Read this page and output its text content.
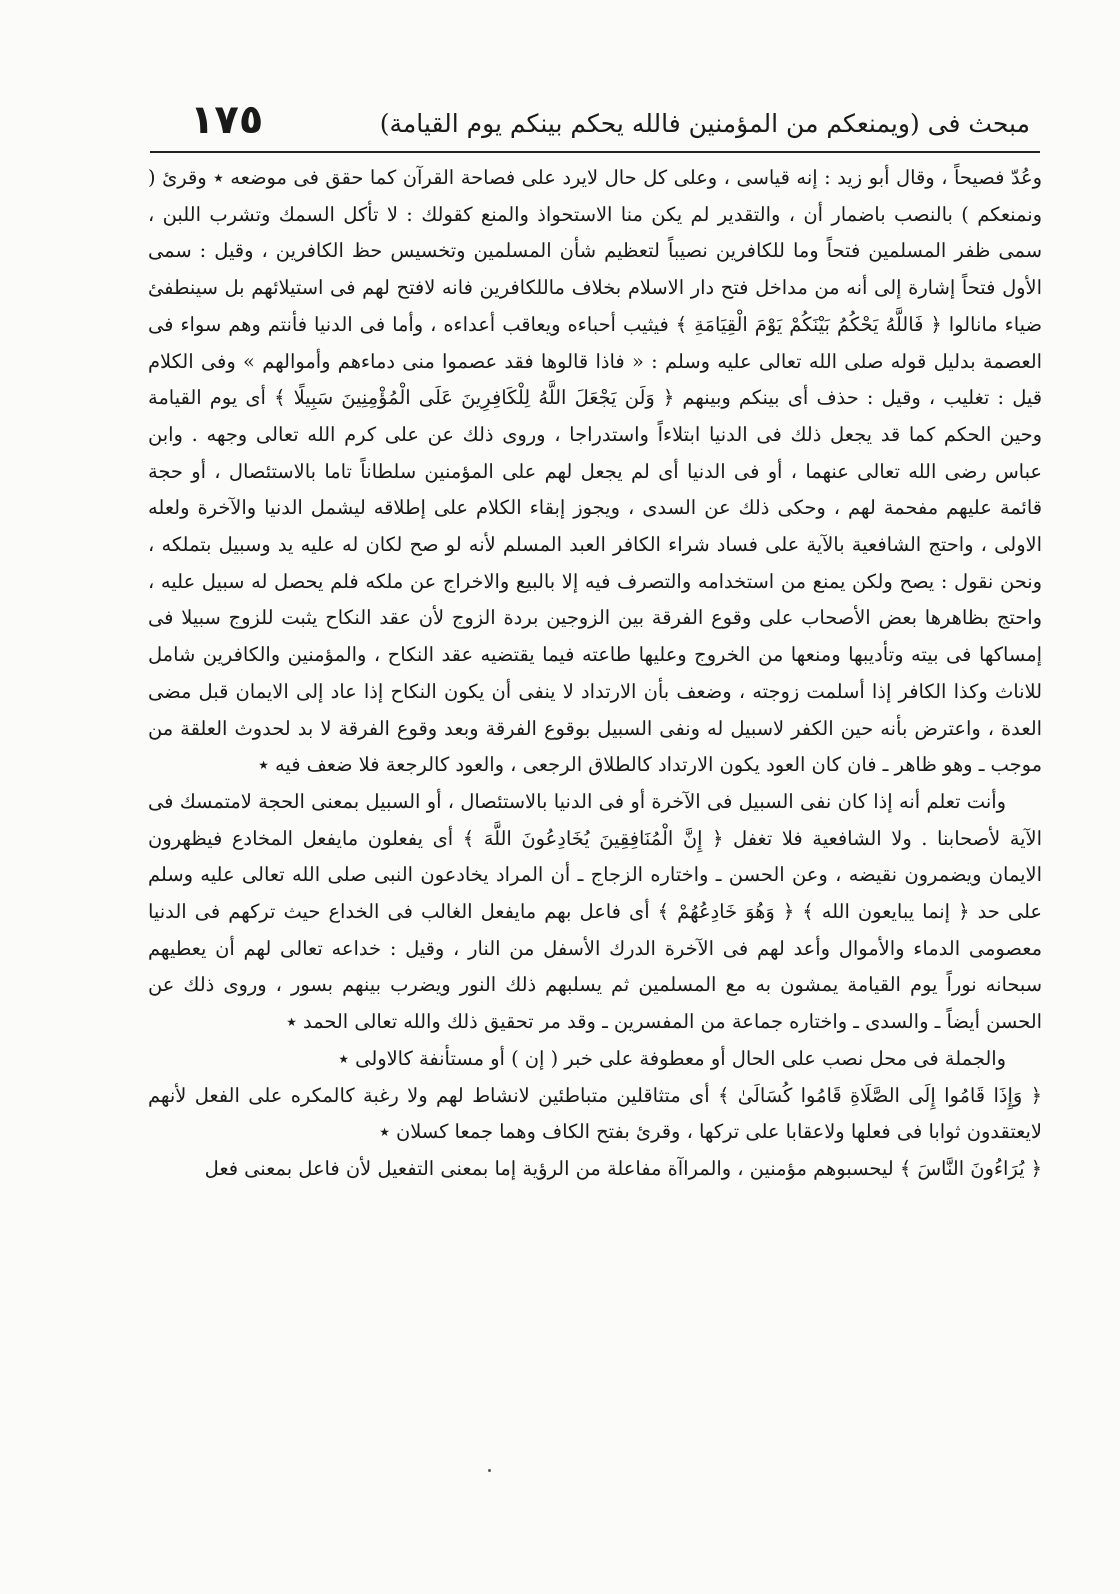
مبحث فى (ويمنعكم من المؤمنين فالله يحكم بينكم يوم القيامة)
١٧٥

وعُدّ فصيحاً ، وقال أبو زيد : إنه قياسى ، وعلى كل حال لايرد على فصاحة القرآن كما حقق فى موضعه ٭ وقرئ ( ونمنعكم ) بالنصب باضمار أن ، والتقدير لم يكن منا الاستحواذ والمنع كقولك : لا تأكل السمك وتشرب اللبن ، سمى ظفر المسلمين فتحاً وما للكافرين نصيباً لتعظيم شأن المسلمين وتخسيس حظ الكافرين ، وقيل : سمى الأول فتحاً إشارة إلى أنه من مداخل فتح دار الاسلام بخلاف ماللكافرين فانه لافتح لهم فى استيلائهم بل سينطفئ ضياء مانالوا ﴿ فَاللَّهُ يَحْكُمُ بَيْنَكُمْ يَوْمَ الْقِيَامَةِ ﴾ فيثيب أحباءه ويعاقب أعداءه ، وأما فى الدنيا فأنتم وهم سواء فى العصمة بدليل قوله صلى الله تعالى عليه وسلم : « فاذا قالوها فقد عصموا منى دماءهم وأموالهم » وفى الكلام قيل : تغليب ، وقيل : حذف أى بينكم وبينهم ﴿ وَلَن يَجْعَلَ اللَّهُ لِلْكَافِرِينَ عَلَى الْمُؤْمِنِينَ سَبِيلًا ﴾ أى يوم القيامة وحين الحكم كما قد يجعل ذلك فى الدنيا ابتلاءاً واستدراجا ، وروى ذلك عن على كرم الله تعالى وجهه . وابن عباس رضى الله تعالى عنهما ، أو فى الدنيا أى لم يجعل لهم على المؤمنين سلطاناً تاما بالاستئصال ، أو حجة قائمة عليهم مفحمة لهم ، وحكى ذلك عن السدى ، ويجوز إبقاء الكلام على إطلاقه ليشمل الدنيا والآخرة ولعله الاولى ، واحتج الشافعية بالآية على فساد شراء الكافر العبد المسلم لأنه لو صح لكان له عليه يد وسبيل بتملكه ، ونحن نقول : يصح ولكن يمنع من استخدامه والتصرف فيه إلا بالبيع والاخراج عن ملكه فلم يحصل له سبيل عليه ، واحتج بظاهرها بعض الأصحاب على وقوع الفرقة بين الزوجين بردة الزوج لأن عقد النكاح يثبت للزوج سبيلا فى إمساكها فى بيته وتأديبها ومنعها من الخروج وعليها طاعته فيما يقتضيه عقد النكاح ، والمؤمنين والكافرين شامل للاناث وكذا الكافر إذا أسلمت زوجته ، وضعف بأن الارتداد لا ينفى أن يكون النكاح إذا عاد إلى الايمان قبل مضى العدة ، واعترض بأنه حين الكفر لاسبيل له ونفى السبيل بوقوع الفرقة وبعد وقوع الفرقة لا بد لحدوث العلقة من موجب ـ وهو ظاهر ـ فان كان العود يكون الارتداد كالطلاق الرجعى ، والعود كالرجعة فلا ضعف فيه ٭

وأنت تعلم أنه إذا كان نفى السبيل فى الآخرة أو فى الدنيا بالاستئصال ، أو السبيل بمعنى الحجة لامتمسك فى الآية لأصحابنا . ولا الشافعية فلا تغفل ﴿ إِنَّ الْمُنَافِقِينَ يُخَادِعُونَ اللَّهَ ﴾ أى يفعلون مايفعل المخادع فيظهرون الايمان ويضمرون نقيضه ، وعن الحسن ـ واختاره الزجاج ـ أن المراد يخادعون النبى صلى الله تعالى عليه وسلم على حد ﴿ إنما يبايعون الله ﴾ ﴿ وَهُوَ خَادِعُهُمْ ﴾ أى فاعل بهم مايفعل الغالب فى الخداع حيث تركهم فى الدنيا معصومى الدماء والأموال وأعد لهم فى الآخرة الدرك الأسفل من النار ، وقيل : خداعه تعالى لهم أن يعطيهم سبحانه نوراً يوم القيامة يمشون به مع المسلمين ثم يسلبهم ذلك النور ويضرب بينهم بسور ، وروى ذلك عن الحسن أيضاً ـ والسدى ـ واختاره جماعة من المفسرين ـ وقد مر تحقيق ذلك والله تعالى الحمد ٭

والجملة فى محل نصب على الحال أو معطوفة على خبر ( إن ) أو مستأنفة كالاولى ٭

﴿ وَإِذَا قَامُوا إِلَى الصَّلَاةِ قَامُوا كُسَالَىٰ ﴾ أى متثاقلين متباطئين لانشاط لهم ولا رغبة كالمكره على الفعل لأنهم لايعتقدون ثوابا فى فعلها ولاعقابا على تركها ، وقرئ بفتح الكاف وهما جمعا كسلان ٭

﴿ يُرَاءُونَ النَّاسَ ﴾ ليحسبوهم مؤمنين ، والمراآة مفاعلة من الرؤية إما بمعنى التفعيل لأن فاعل بمعنى فعل
